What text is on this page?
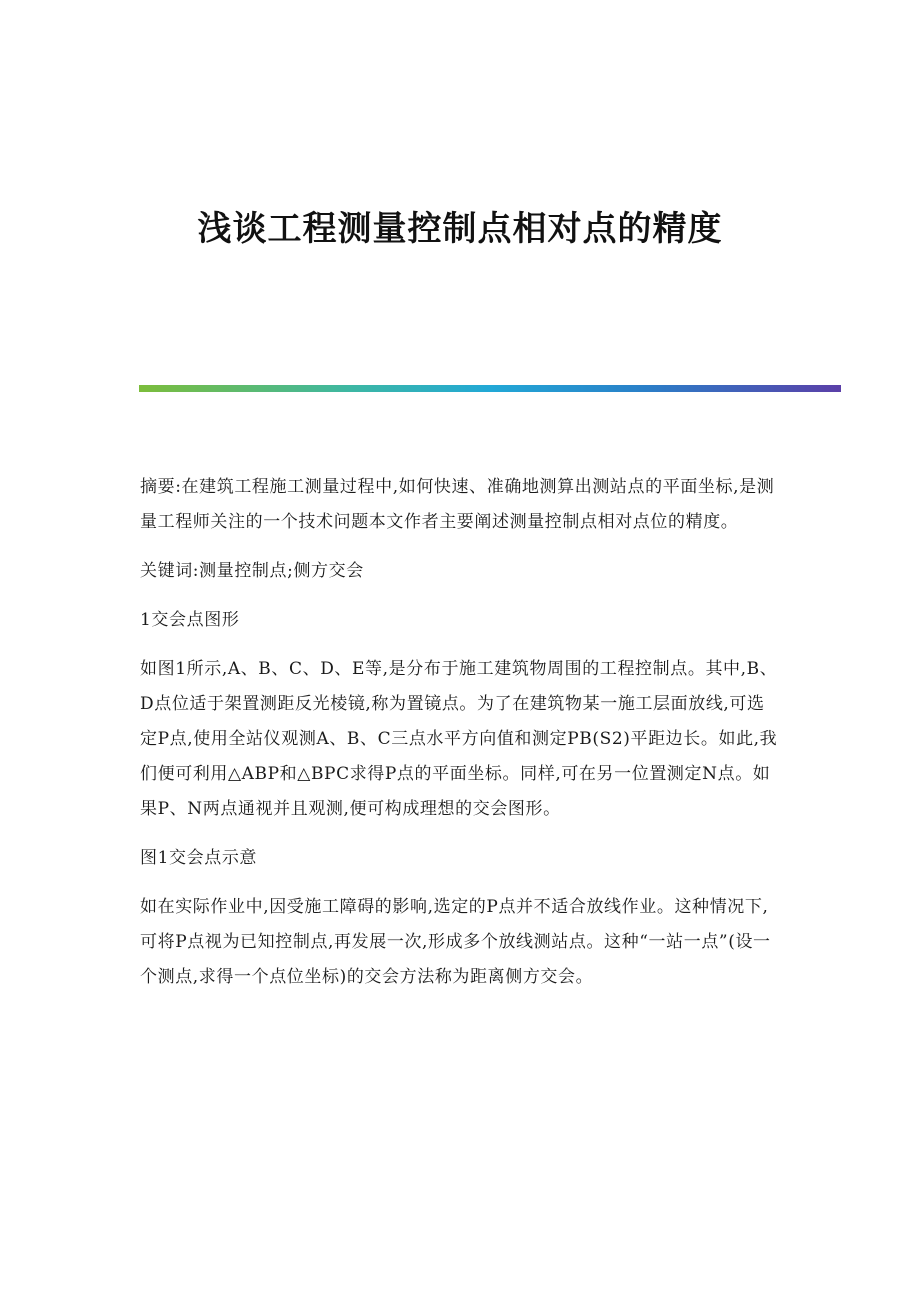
浅谈工程测量控制点相对点的精度

摘要:在建筑工程施工测量过程中,如何快速、准确地测算出测站点的平面坐标,是测量工程师关注的一个技术问题本文作者主要阐述测量控制点相对点位的精度。

关键词:测量控制点;侧方交会

1交会点图形

如图1所示,A、B、C、D、E等,是分布于施工建筑物周围的工程控制点。其中,B、D点位适于架置测距反光棱镜,称为置镜点。为了在建筑物某一施工层面放线,可选定P点,使用全站仪观测A、B、C三点水平方向值和测定PB(S2)平距边长。如此,我们便可利用△ABP和△BPC求得P点的平面坐标。同样,可在另一位置测定N点。如果P、N两点通视并且观测,便可构成理想的交会图形。

图1交会点示意

如在实际作业中,因受施工障碍的影响,选定的P点并不适合放线作业。这种情况下,可将P点视为已知控制点,再发展一次,形成多个放线测站点。这种“一站一点”(设一个测点,求得一个点位坐标)的交会方法称为距离侧方交会。
